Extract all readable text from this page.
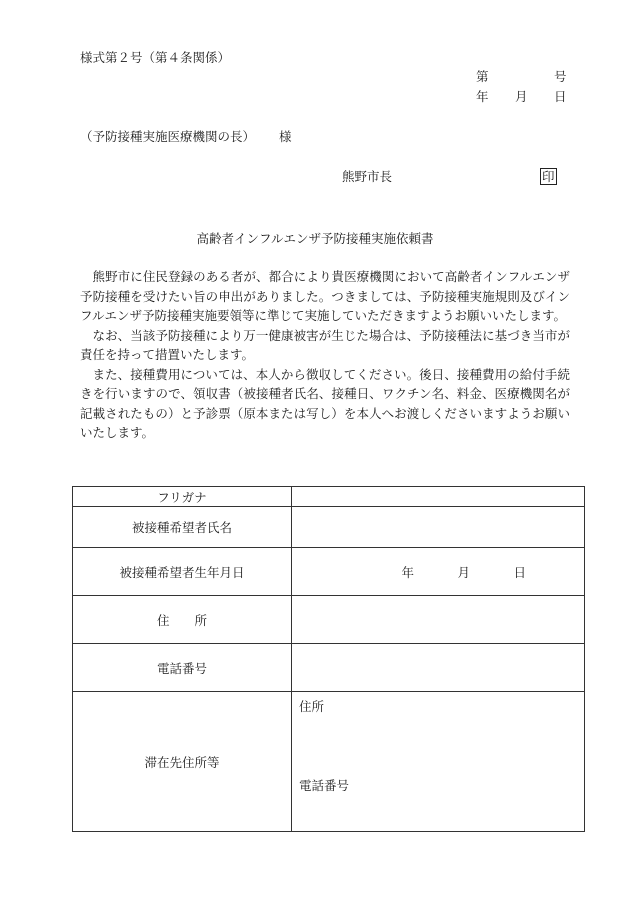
様式第２号（第４条関係）
第	号
年 月 日
（予防接種実施医療機関の長） 様
熊野市長	印
高齢者インフルエンザ予防接種実施依頼書

熊野市に住民登録のある者が、都合により貴医療機関において高齢者インフルエンザ予防接種を受けたい旨の申出がありました。つきましては、予防接種実施規則及びインフルエンザ予防接種実施要領等に準じて実施していただきますようお願いいたします。

なお、当該予防接種により万一健康被害が生じた場合は、予防接種法に基づき当市が責任を持って措置いたします。

また、接種費用については、本人から徴収してください。後日、接種費用の給付手続きを行いますので、領収書（被接種者氏名、接種日、ワクチン名、料金、医療機関名が記載されたもの）と予診票（原本または写し）を本人へお渡しくださいますようお願いいたします。

フリガナ	
被接種希望者氏名	
被接種希望者生年月日	年 月 日
住　　所	
電話番号	
滞在先住所等	住所
電話番号
